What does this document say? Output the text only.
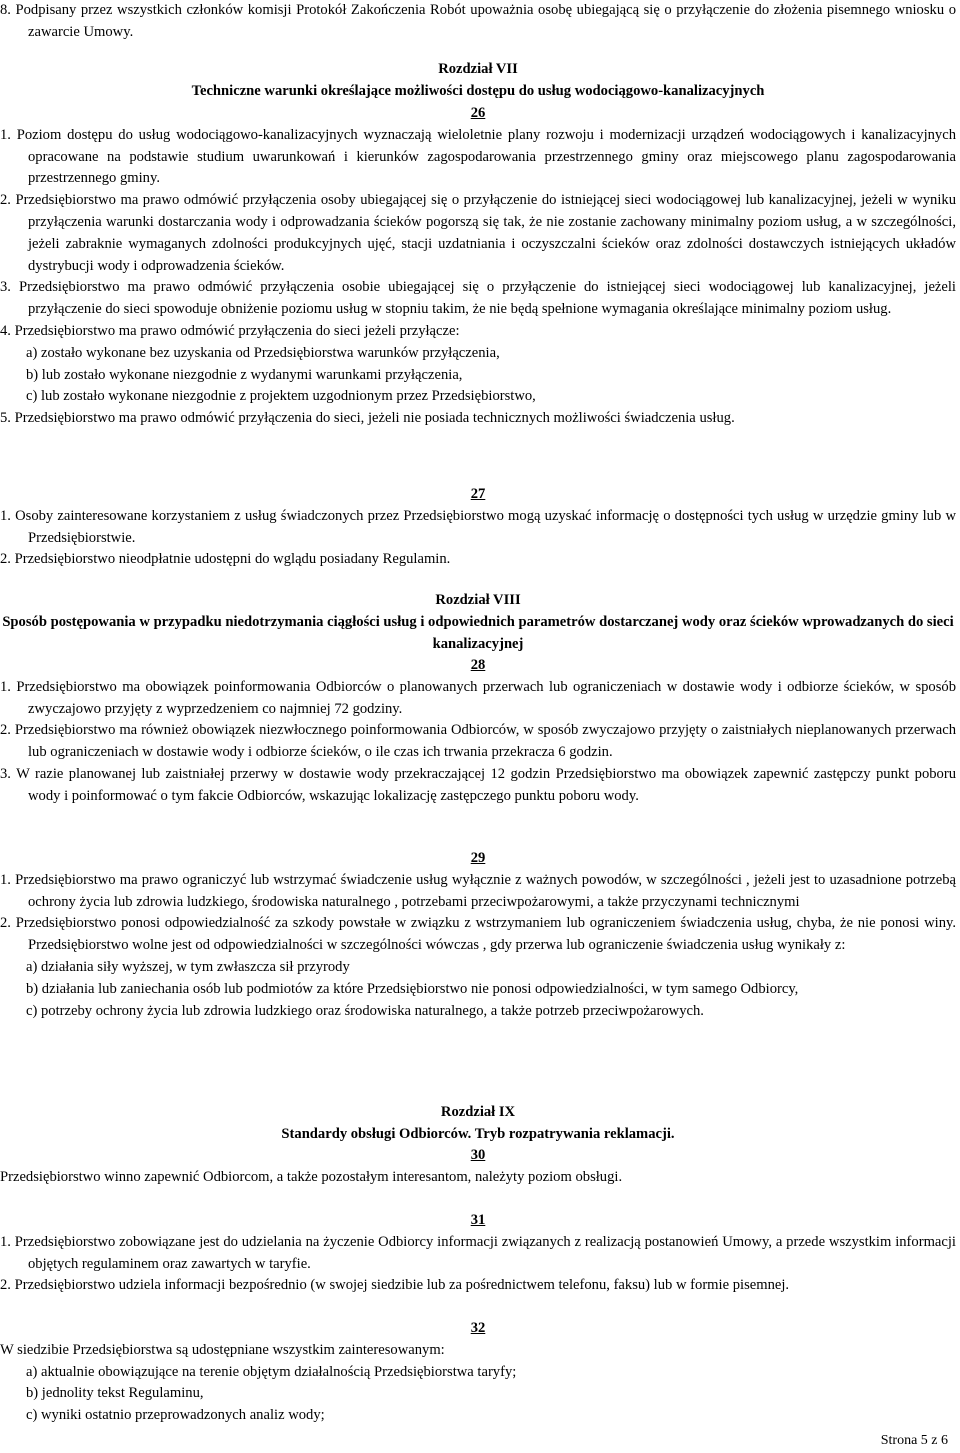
8. Podpisany przez wszystkich członków komisji Protokół Zakończenia Robót upoważnia osobę ubiegającą się o przyłączenie do złożenia pisemnego wniosku o zawarcie Umowy.

Rozdział VII

Techniczne warunki określające możliwości dostępu do usług wodociągowo-kanalizacyjnych

26

1. Poziom dostępu do usług wodociągowo-kanalizacyjnych wyznaczają wieloletnie plany rozwoju i modernizacji urządzeń wodociągowych i kanalizacyjnych opracowane na podstawie studium uwarunkowań i kierunków zagospodarowania przestrzennego gminy oraz miejscowego planu zagospodarowania przestrzennego gminy.

2. Przedsiębiorstwo ma prawo odmówić przyłączenia osoby ubiegającej się o przyłączenie do istniejącej sieci wodociągowej lub kanalizacyjnej, jeżeli w wyniku przyłączenia warunki dostarczania wody i odprowadzania ścieków pogorszą się tak, że nie zostanie zachowany minimalny poziom usług, a w szczególności, jeżeli zabraknie wymaganych zdolności produkcyjnych ujęć, stacji uzdatniania i oczyszczalni ścieków oraz zdolności dostawczych istniejących układów dystrybucji wody i odprowadzenia ścieków.

3. Przedsiębiorstwo ma prawo odmówić przyłączenia osobie ubiegającej się o przyłączenie do istniejącej sieci wodociągowej lub kanalizacyjnej, jeżeli przyłączenie do sieci spowoduje obniżenie poziomu usług w stopniu takim, że nie będą spełnione wymagania określające minimalny poziom usług.

4. Przedsiębiorstwo ma prawo odmówić przyłączenia do sieci jeżeli przyłącze:

a) zostało wykonane bez uzyskania od Przedsiębiorstwa warunków przyłączenia,

b) lub zostało wykonane niezgodnie z wydanymi warunkami przyłączenia,

c) lub zostało wykonane niezgodnie z projektem uzgodnionym przez Przedsiębiorstwo,

5. Przedsiębiorstwo ma prawo odmówić przyłączenia do sieci, jeżeli nie posiada technicznych możliwości świadczenia usług.

27

1. Osoby zainteresowane korzystaniem z usług świadczonych przez Przedsiębiorstwo mogą uzyskać informację o dostępności tych usług w urzędzie gminy lub w Przedsiębiorstwie.

2. Przedsiębiorstwo nieodpłatnie udostępni do wglądu posiadany Regulamin.

Rozdział VIII

Sposób postępowania w przypadku niedotrzymania ciągłości usług i odpowiednich parametrów dostarczanej wody oraz ścieków wprowadzanych do sieci kanalizacyjnej

28

1. Przedsiębiorstwo ma obowiązek poinformowania Odbiorców o planowanych przerwach lub ograniczeniach w dostawie wody i odbiorze ścieków, w sposób zwyczajowo przyjęty z wyprzedzeniem co najmniej 72 godziny.

2. Przedsiębiorstwo ma również obowiązek niezwłocznego poinformowania Odbiorców, w sposób zwyczajowo przyjęty o zaistniałych nieplanowanych przerwach lub ograniczeniach w dostawie wody i odbiorze ścieków, o ile czas ich trwania przekracza 6 godzin.

3. W razie planowanej lub zaistniałej przerwy w dostawie wody przekraczającej 12 godzin Przedsiębiorstwo ma obowiązek zapewnić zastępczy punkt poboru wody i poinformować o tym fakcie Odbiorców, wskazując lokalizację zastępczego punktu poboru wody.

29

1. Przedsiębiorstwo ma prawo ograniczyć lub wstrzymać świadczenie usług wyłącznie z ważnych powodów, w szczególności , jeżeli jest to uzasadnione potrzebą ochrony życia lub zdrowia ludzkiego, środowiska naturalnego , potrzebami przeciwpożarowymi, a także przyczynami technicznymi

2. Przedsiębiorstwo ponosi odpowiedzialność za szkody powstałe w związku z wstrzymaniem lub ograniczeniem świadczenia usług, chyba, że nie ponosi winy. Przedsiębiorstwo wolne jest od odpowiedzialności w szczególności wówczas , gdy przerwa lub ograniczenie świadczenia usług wynikały z:

a) działania siły wyższej, w tym zwłaszcza sił przyrody

b) działania lub zaniechania osób lub podmiotów za które Przedsiębiorstwo nie ponosi odpowiedzialności, w tym samego Odbiorcy,

c) potrzeby ochrony życia lub zdrowia ludzkiego oraz środowiska naturalnego, a także potrzeb przeciwpożarowych.

Rozdział IX

Standardy obsługi Odbiorców. Tryb rozpatrywania reklamacji.

30

Przedsiębiorstwo winno zapewnić Odbiorcom, a także pozostałym interesantom, należyty poziom obsługi.

31

1. Przedsiębiorstwo zobowiązane jest do udzielania na życzenie Odbiorcy informacji związanych z realizacją postanowień Umowy, a przede wszystkim informacji objętych regulaminem oraz zawartych w taryfie.

2. Przedsiębiorstwo udziela informacji bezpośrednio (w swojej siedzibie lub za pośrednictwem telefonu, faksu) lub w formie pisemnej.

32

W siedzibie Przedsiębiorstwa są udostępniane wszystkim zainteresowanym:

a) aktualnie obowiązujące na terenie objętym działalnością Przedsiębiorstwa taryfy;

b) jednolity tekst Regulaminu,

c) wyniki ostatnio przeprowadzonych analiz wody;

Strona 5 z 6
